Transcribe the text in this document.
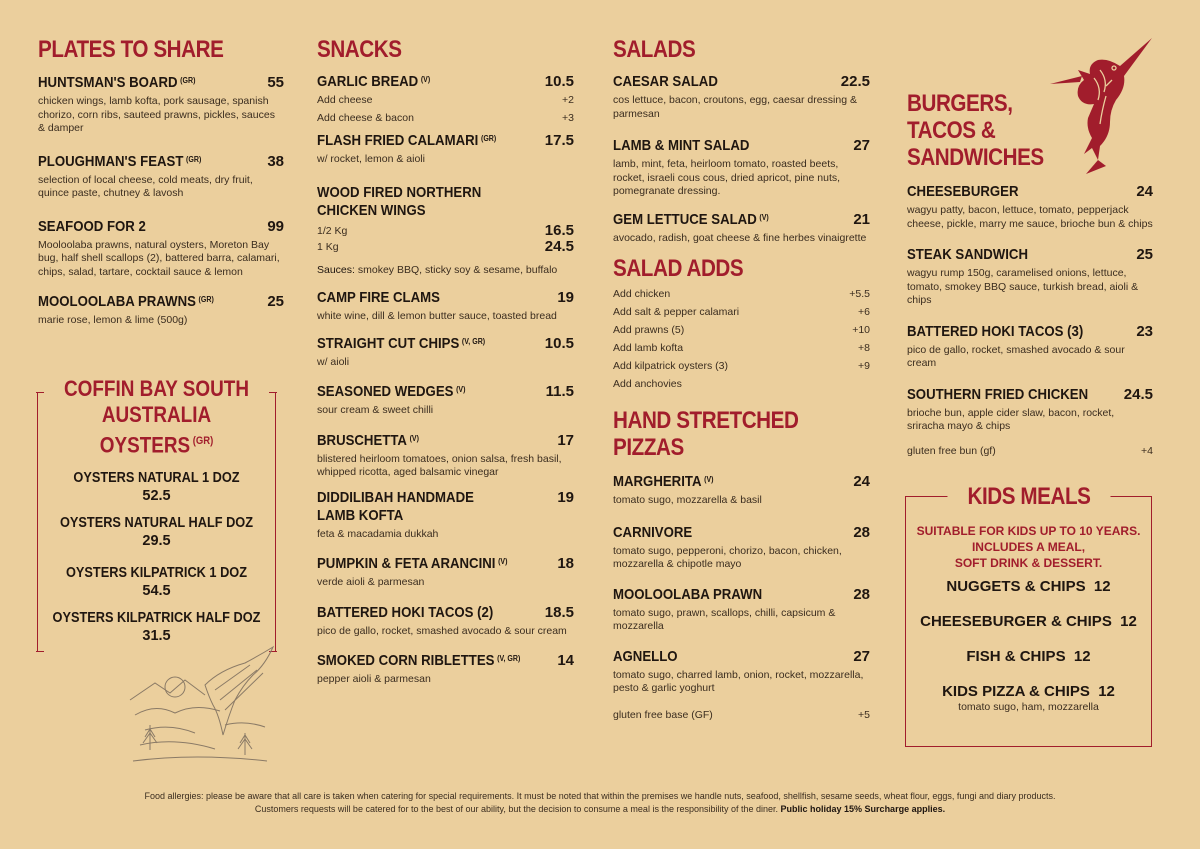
PLATES TO SHARE
HUNTSMAN'S BOARD $^{(GR)}$	55
chicken wings, lamb kofta, pork sausage, spanish chorizo, corn ribs, sauteed prawns, pickles, sauces & damper
PLOUGHMAN'S FEAST $^{(GR)}$	38
selection of local cheese, cold meats, dry fruit, quince paste, chutney & lavosh
SEAFOOD FOR 2	99
Mooloolaba prawns, natural oysters, Moreton Bay bug, half shell scallops (2), battered barra, calamari, chips, salad, tartare, cocktail sauce & lemon
MOOLOOLABA PRAWNS $^{(GR)}$	25
marie rose, lemon & lime (500g)
COFFIN BAY SOUTH
AUSTRALIA
OYSTERS $^{(GR)}$
OYSTERS NATURAL 1 DOZ
52.5
OYSTERS NATURAL HALF DOZ
29.5
OYSTERS KILPATRICK 1 DOZ
54.5
OYSTERS KILPATRICK HALF DOZ
31.5
SNACKS
GARLIC BREAD $^{(V)}$	10.5
Add cheese	+2
Add cheese & bacon	+3
FLASH FRIED CALAMARI $^{(GR)}$	17.5
w/ rocket, lemon & aioli
WOOD FIRED NORTHERN
CHICKEN WINGS
1/2 Kg	16.5
1 Kg	24.5
Sauces: smokey BBQ, sticky soy & sesame, buffalo
CAMP FIRE CLAMS	19
white wine, dill & lemon butter sauce, toasted bread
STRAIGHT CUT CHIPS $^{(V, GR)}$	10.5
w/ aioli
SEASONED WEDGES $^{(V)}$	11.5
sour cream & sweet chilli
BRUSCHETTA $^{(V)}$	17
blistered heirloom tomatoes, onion salsa, fresh basil, whipped ricotta, aged balsamic vinegar
DIDDILIBAH HANDMADE
LAMB KOFTA
19
feta & macadamia dukkah
PUMPKIN & FETA ARANCINI $^{(V)}$	18
verde aioli & parmesan
BATTERED HOKI TACOS (2)	18.5
pico de gallo, rocket, smashed avocado & sour cream
SMOKED CORN RIBLETTES $^{(V, GR)}$	14
pepper aioli & parmesan
SALADS
CAESAR SALAD	22.5
cos lettuce, bacon, croutons, egg, caesar dressing & parmesan
LAMB & MINT SALAD	27
lamb, mint, feta, heirloom tomato, roasted beets, rocket, israeli cous cous, dried apricot, pine nuts, pomegranate dressing.
GEM LETTUCE SALAD $^{(V)}$	21
avocado, radish, goat cheese & fine herbes vinaigrette
SALAD ADDS
Add chicken	+5.5
Add salt & pepper calamari	+6
Add prawns (5)	+10
Add lamb kofta	+8
Add kilpatrick oysters (3)	+9
Add anchovies
HAND STRETCHED
PIZZAS
MARGHERITA $^{(V)}$	24
tomato sugo, mozzarella & basil
CARNIVORE	28
tomato sugo, pepperoni, chorizo, bacon, chicken, mozzarella & chipotle mayo
MOOLOOLABA PRAWN	28
tomato sugo, prawn, scallops, chilli, capsicum & mozzarella
AGNELLO	27
tomato sugo, charred lamb, onion, rocket, mozzarella, pesto & garlic yoghurt
gluten free base (GF)	+5
BURGERS,
TACOS &
SANDWICHES
CHEESEBURGER	24
wagyu patty, bacon, lettuce, tomato, pepperjack cheese, pickle, marry me sauce, brioche bun & chips
STEAK SANDWICH	25
wagyu rump 150g, caramelised onions, lettuce, tomato, smokey BBQ sauce, turkish bread, aioli & chips
BATTERED HOKI TACOS (3)	23
pico de gallo, rocket, smashed avocado & sour cream
SOUTHERN FRIED CHICKEN	24.5
brioche bun, apple cider slaw, bacon, rocket, sriracha mayo & chips
gluten free bun (gf)	+4
KIDS MEALS
SUITABLE FOR KIDS UP TO 10 YEARS.
INCLUDES A MEAL,
SOFT DRINK & DESSERT.
NUGGETS & CHIPS 12
CHEESEBURGER & CHIPS 12
FISH & CHIPS 12
KIDS PIZZA & CHIPS 12
tomato sugo, ham, mozzarella
Food allergies: please be aware that all care is taken when catering for special requirements. It must be noted that within the premises we handle nuts, seafood, shellfish, sesame seeds, wheat flour, eggs, fungi and diary products.
Customers requests will be catered for to the best of our ability, but the decision to consume a meal is the responsibility of the diner. Public holiday 15% Surcharge applies.
